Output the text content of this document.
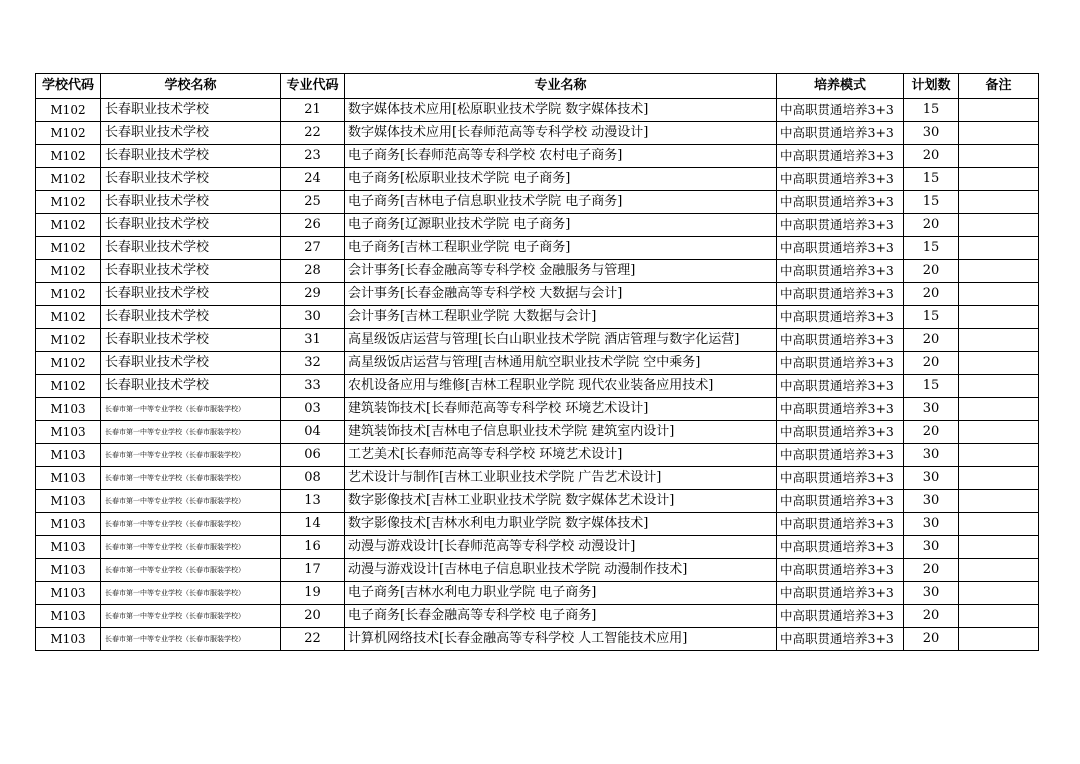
学校代码	学校名称	专业代码	专业名称	培养模式	计划数	备注
M102	长春职业技术学校	21	数字媒体技术应用[松原职业技术学院 数字媒体技术]	中高职贯通培养3+3	15	
M102	长春职业技术学校	22	数字媒体技术应用[长春师范高等专科学校 动漫设计]	中高职贯通培养3+3	30	
M102	长春职业技术学校	23	电子商务[长春师范高等专科学校 农村电子商务]	中高职贯通培养3+3	20	
M102	长春职业技术学校	24	电子商务[松原职业技术学院 电子商务]	中高职贯通培养3+3	15	
M102	长春职业技术学校	25	电子商务[吉林电子信息职业技术学院 电子商务]	中高职贯通培养3+3	15	
M102	长春职业技术学校	26	电子商务[辽源职业技术学院 电子商务]	中高职贯通培养3+3	20	
M102	长春职业技术学校	27	电子商务[吉林工程职业学院 电子商务]	中高职贯通培养3+3	15	
M102	长春职业技术学校	28	会计事务[长春金融高等专科学校 金融服务与管理]	中高职贯通培养3+3	20	
M102	长春职业技术学校	29	会计事务[长春金融高等专科学校 大数据与会计]	中高职贯通培养3+3	20	
M102	长春职业技术学校	30	会计事务[吉林工程职业学院 大数据与会计]	中高职贯通培养3+3	15	
M102	长春职业技术学校	31	高星级饭店运营与管理[长白山职业技术学院 酒店管理与数字化运营]	中高职贯通培养3+3	20	
M102	长春职业技术学校	32	高星级饭店运营与管理[吉林通用航空职业技术学院 空中乘务]	中高职贯通培养3+3	20	
M102	长春职业技术学校	33	农机设备应用与维修[吉林工程职业学院 现代农业装备应用技术]	中高职贯通培养3+3	15	
M103	长春市第一中等专业学校（长春市服装学校）	03	建筑装饰技术[长春师范高等专科学校 环境艺术设计]	中高职贯通培养3+3	30	
M103	长春市第一中等专业学校（长春市服装学校）	04	建筑装饰技术[吉林电子信息职业技术学院 建筑室内设计]	中高职贯通培养3+3	20	
M103	长春市第一中等专业学校（长春市服装学校）	06	工艺美术[长春师范高等专科学校 环境艺术设计]	中高职贯通培养3+3	30	
M103	长春市第一中等专业学校（长春市服装学校）	08	艺术设计与制作[吉林工业职业技术学院 广告艺术设计]	中高职贯通培养3+3	30	
M103	长春市第一中等专业学校（长春市服装学校）	13	数字影像技术[吉林工业职业技术学院 数字媒体艺术设计]	中高职贯通培养3+3	30	
M103	长春市第一中等专业学校（长春市服装学校）	14	数字影像技术[吉林水利电力职业学院 数字媒体技术]	中高职贯通培养3+3	30	
M103	长春市第一中等专业学校（长春市服装学校）	16	动漫与游戏设计[长春师范高等专科学校 动漫设计]	中高职贯通培养3+3	30	
M103	长春市第一中等专业学校（长春市服装学校）	17	动漫与游戏设计[吉林电子信息职业技术学院 动漫制作技术]	中高职贯通培养3+3	20	
M103	长春市第一中等专业学校（长春市服装学校）	19	电子商务[吉林水利电力职业学院 电子商务]	中高职贯通培养3+3	30	
M103	长春市第一中等专业学校（长春市服装学校）	20	电子商务[长春金融高等专科学校 电子商务]	中高职贯通培养3+3	20	
M103	长春市第一中等专业学校（长春市服装学校）	22	计算机网络技术[长春金融高等专科学校 人工智能技术应用]	中高职贯通培养3+3	20	
